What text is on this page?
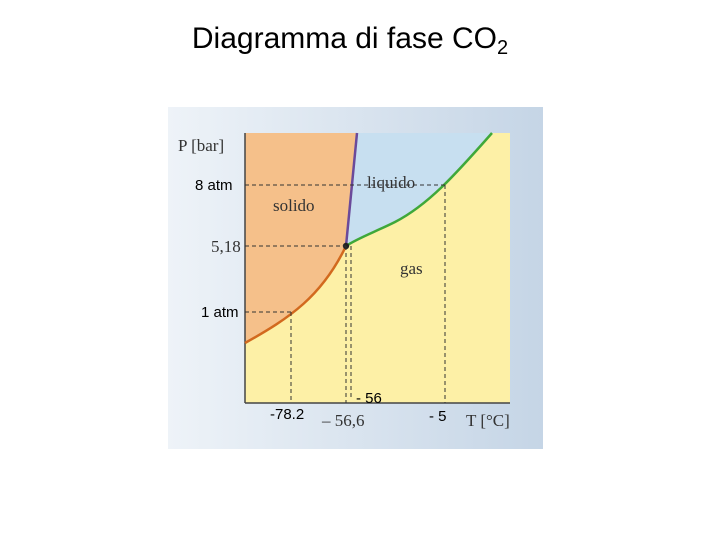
Diagramma di fase $CO_2$
P [bar]
liquido
solido
gas
5,18
– 56,6	T [°C]
8 atm
1 atm
-78.2
- 56
- 5
